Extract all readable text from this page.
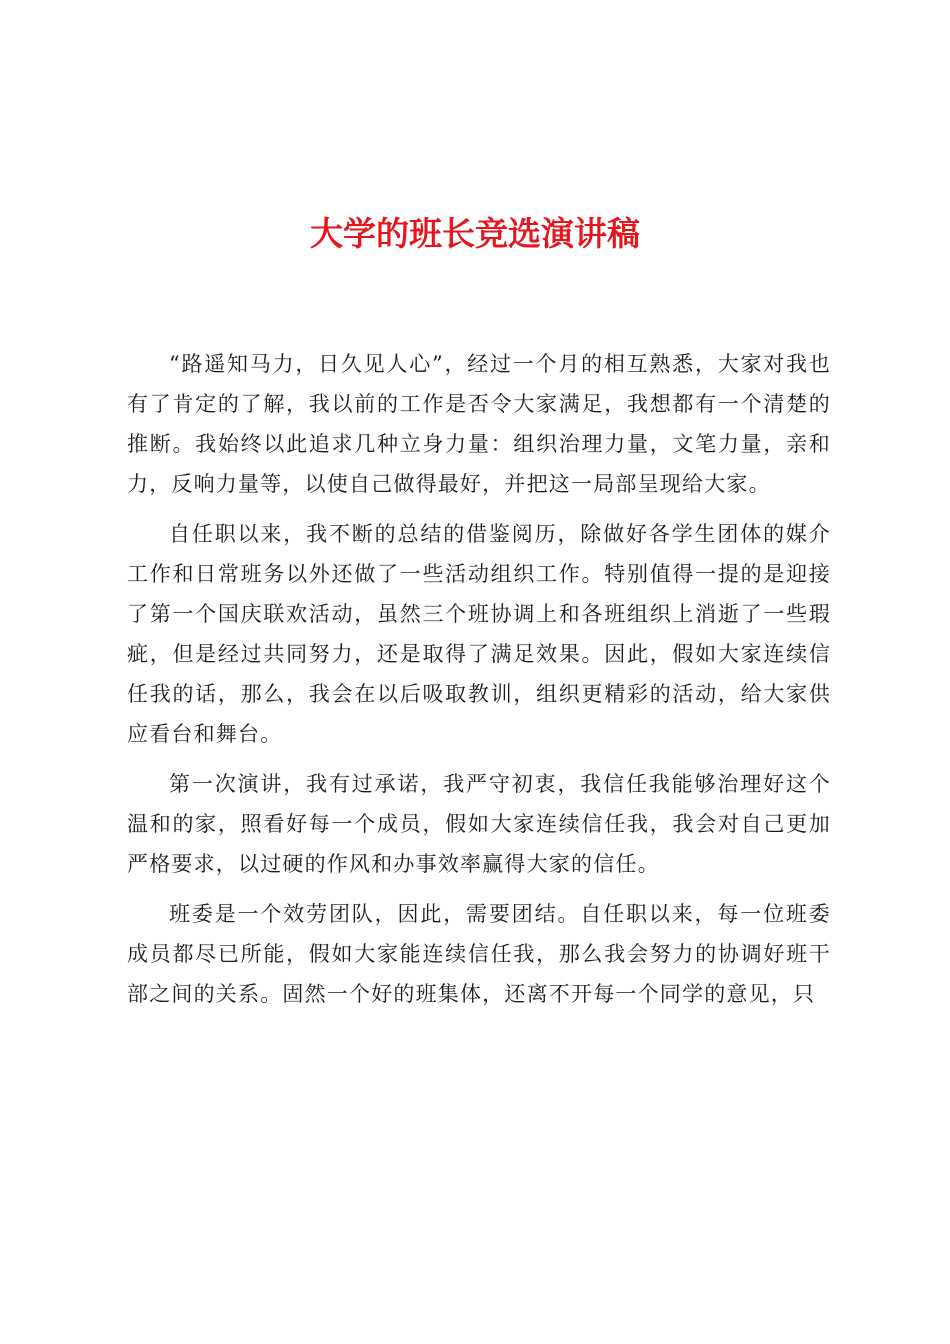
大学的班长竞选演讲稿

“路遥知马力，日久见人心”，经过一个月的相互熟悉，大家对我也有了肯定的了解，我以前的工作是否令大家满足，我想都有一个清楚的推断。我始终以此追求几种立身力量：组织治理力量，文笔力量，亲和力，反响力量等，以使自己做得最好，并把这一局部呈现给大家。

自任职以来，我不断的总结的借鉴阅历，除做好各学生团体的媒介工作和日常班务以外还做了一些活动组织工作。特别值得一提的是迎接了第一个国庆联欢活动，虽然三个班协调上和各班组织上消逝了一些瑕疵，但是经过共同努力，还是取得了满足效果。因此，假如大家连续信任我的话，那么，我会在以后吸取教训，组织更精彩的活动，给大家供应看台和舞台。

第一次演讲，我有过承诺，我严守初衷，我信任我能够治理好这个温和的家，照看好每一个成员，假如大家连续信任我，我会对自己更加严格要求，以过硬的作风和办事效率赢得大家的信任。

班委是一个效劳团队，因此，需要团结。自任职以来，每一位班委成员都尽已所能，假如大家能连续信任我，那么我会努力的协调好班干部之间的关系。固然一个好的班集体，还离不开每一个同学的意见，只
